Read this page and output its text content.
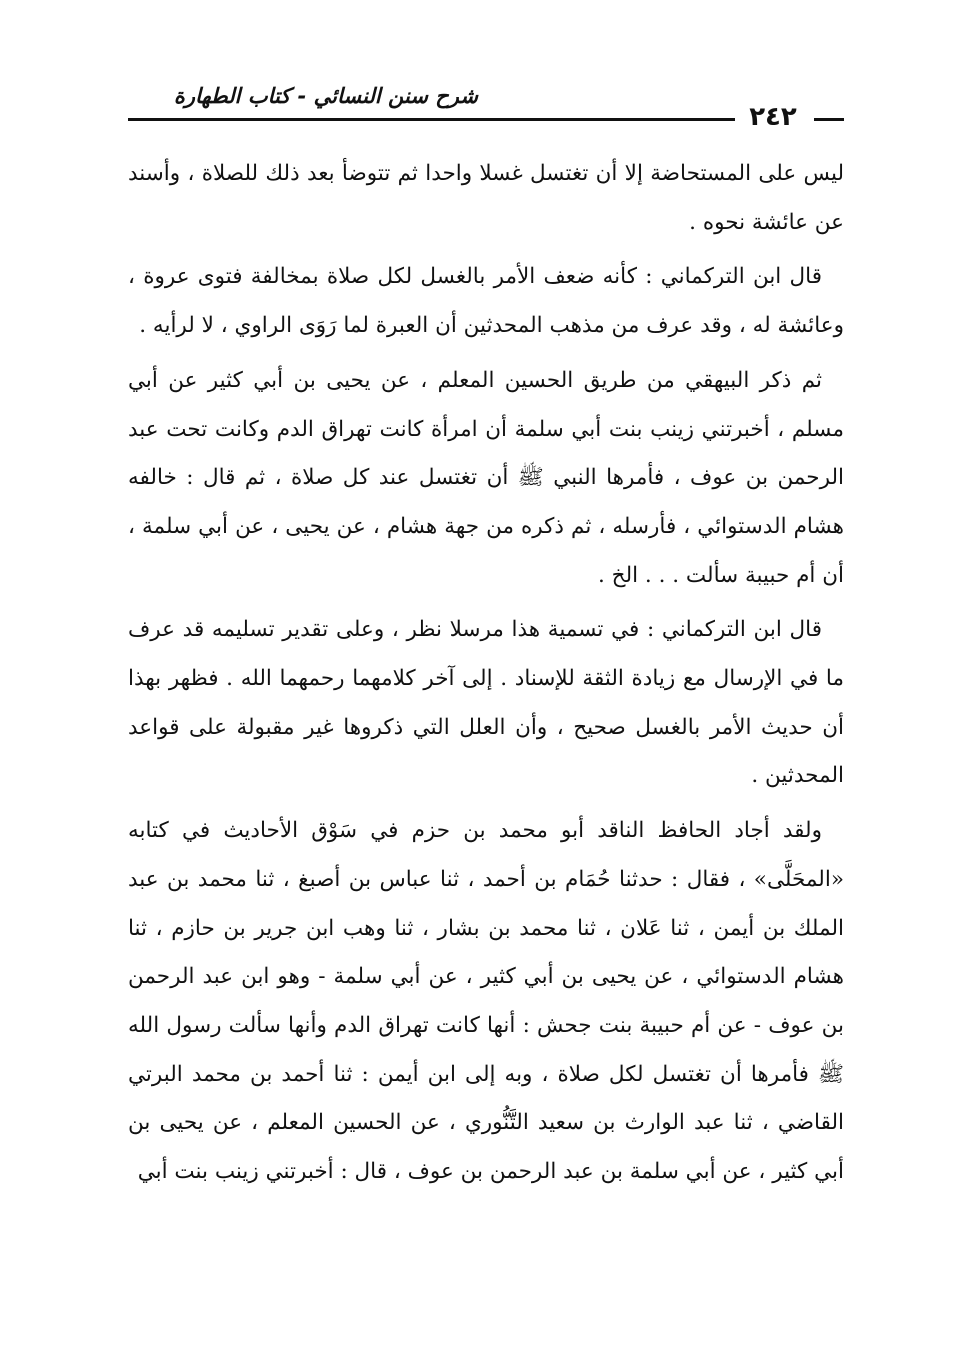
شرح سنن النسائي - كتاب الطهارة
٢٤٢

ليس على المستحاضة إلا أن تغتسل غسلا واحدا ثم تتوضأ بعد ذلك للصلاة ، وأسند عن عائشة نحوه .

قال ابن التركماني : كأنه ضعف الأمر بالغسل لكل صلاة بمخالفة فتوى عروة ، وعائشة له ، وقد عرف من مذهب المحدثين أن العبرة لما رَوَى الراوي ، لا لرأيه .

ثم ذكر البيهقي من طريق الحسين المعلم ، عن يحيى بن أبي كثير عن أبي مسلم ، أخبرتني زينب بنت أبي سلمة أن امرأة كانت تهراق الدم وكانت تحت عبد الرحمن بن عوف ، فأمرها النبي ﷺ أن تغتسل عند كل صلاة ، ثم قال : خالفه هشام الدستوائي ، فأرسله ، ثم ذكره من جهة هشام ، عن يحيى ، عن أبي سلمة ، أن أم حبيبة سألت . . . الخ .

قال ابن التركماني : في تسمية هذا مرسلا نظر ، وعلى تقدير تسليمه قد عرف ما في الإرسال مع زيادة الثقة للإسناد . إلى آخر كلامهما رحمهما الله . فظهر بهذا أن حديث الأمر بالغسل صحيح ، وأن العلل التي ذكروها غير مقبولة على قواعد المحدثين .

ولقد أجاد الحافظ الناقد أبو محمد بن حزم في سَوْق الأحاديث في كتابه «المحَلَّى» ، فقال : حدثنا حُمَام بن أحمد ، ثنا عباس بن أصبغ ، ثنا محمد بن عبد الملك بن أيمن ، ثنا عَلان ، ثنا محمد بن بشار ، ثنا وهب ابن جرير بن حازم ، ثنا هشام الدستوائي ، عن يحيى بن أبي كثير ، عن أبي سلمة - وهو ابن عبد الرحمن بن عوف - عن أم حبيبة بنت جحش : أنها كانت تهراق الدم وأنها سألت رسول الله ﷺ فأمرها أن تغتسل لكل صلاة ، وبه إلى ابن أيمن : ثنا أحمد بن محمد البرتي القاضي ، ثنا عبد الوارث بن سعيد التَّنُّوري ، عن الحسين المعلم ، عن يحيى بن أبي كثير ، عن أبي سلمة بن عبد الرحمن بن عوف ، قال : أخبرتني زينب بنت أبي
